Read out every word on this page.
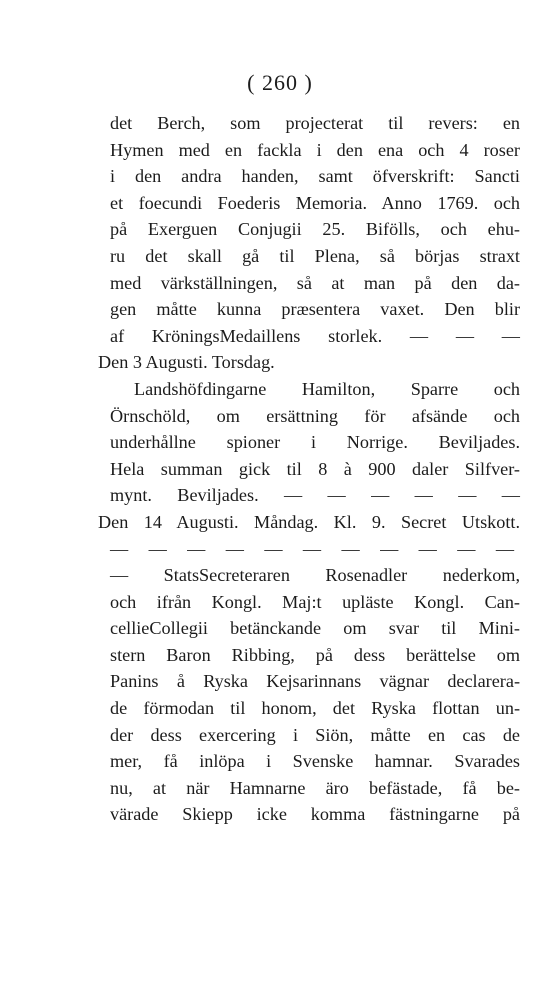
( 260 )
det Berch, som projecterat til revers: en
Hymen med en fackla i den ena och 4 roser
i den andra handen, samt öfverskrift: Sancti
et foecundi Foederis Memoria. Anno 1769. och
på Exerguen Conjugii 25. Bifölls, och ehu-
ru det skall gå til Plena, så börjas straxt
med värkställningen, så at man på den da-
gen måtte kunna præsentera vaxet. Den blir
af KröningsMedaillens storlek. — — —
Den 3 Augusti. Torsdag.
Landshöfdingarne Hamilton, Sparre och
Örnschöld, om ersättning för afsände och
underhållne spioner i Norrige. Beviljades.
Hela summan gick til 8 à 900 daler Silfver-
mynt. Beviljades. — — — — — —
Den 14 Augusti. Måndag. Kl. 9. Secret Utskott.
— — — — — — — — — — —
— StatsSecreteraren Rosenadler nederkom,
och ifrån Kongl. Maj:t upläste Kongl. Can-
cellieCollegii betänckande om svar til Mini-
stern Baron Ribbing, på dess berättelse om
Panins å Ryska Kejsarinnans vägnar declarera-
de förmodan til honom, det Ryska flottan un-
der dess exercering i Siön, måtte en cas de
mer, få inlöpa i Svenske hamnar. Svarades
nu, at när Hamnarne äro befästade, få be-
värade Skiepp icke komma fästningarne på
